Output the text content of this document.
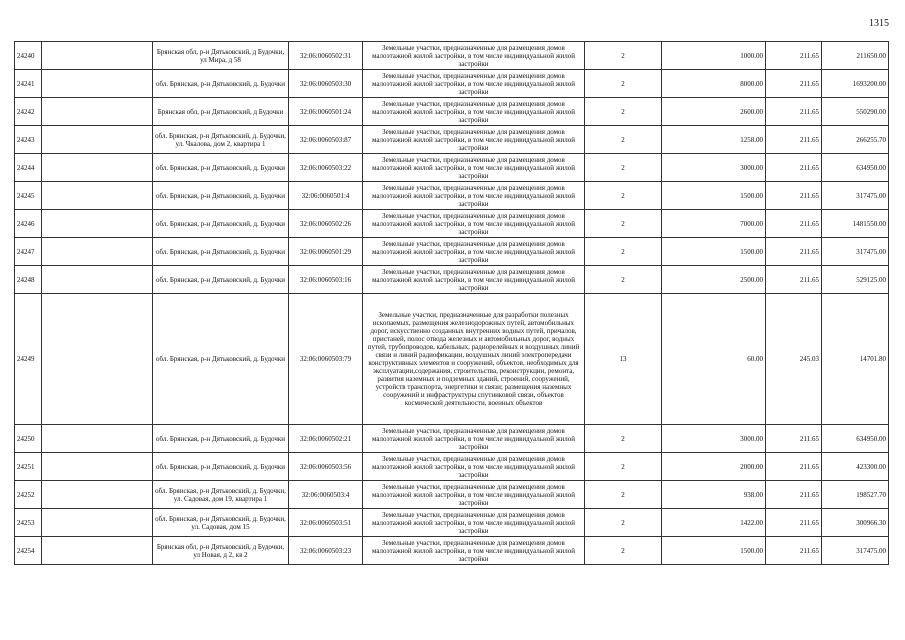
1315
24240		Брянская обл, р-н Дятьковский, д Будочки, ул Мира, д 58	32:06:0060502:31	Земельные участки, предназначенные для размещения домов малоэтажной жилой застройки, в том числе индивидуальной жилой застройки	2	1000.00	211.65	211650.00
24241		обл. Брянская, р-н Дятьковский, д. Будочки	32:06:0060503:30	Земельные участки, предназначенные для размещения домов малоэтажной жилой застройки, в том числе индивидуальной жилой застройки	2	8000.00	211.65	1693200.00
24242		Брянская обл, р-н Дятьковский, д Будочки	32:06:0060501:24	Земельные участки, предназначенные для размещения домов малоэтажной жилой застройки, в том числе индивидуальной жилой застройки	2	2600.00	211.65	550290.00
24243		обл. Брянская, р-н Дятьковский, д. Будочки, ул. Чкалова, дом 2, квартира 1	32:06:0060503:87	Земельные участки, предназначенные для размещения домов малоэтажной жилой застройки, в том числе индивидуальной жилой застройки	2	1258.00	211.65	266255.70
24244		обл. Брянская, р-н Дятьковский, д. Будочки	32:06:0060503:22	Земельные участки, предназначенные для размещения домов малоэтажной жилой застройки, в том числе индивидуальной жилой застройки	2	3000.00	211.65	634950.00
24245		обл. Брянская, р-н Дятьковский, д. Будочки	32:06:0060501:4	Земельные участки, предназначенные для размещения домов малоэтажной жилой застройки, в том числе индивидуальной жилой застройки	2	1500.00	211.65	317475.00
24246		обл. Брянская, р-н Дятьковский, д. Будочки	32:06:0060502:26	Земельные участки, предназначенные для размещения домов малоэтажной жилой застройки, в том числе индивидуальной жилой застройки	2	7000.00	211.65	1481550.00
24247		обл. Брянская, р-н Дятьковский, д. Будочки	32:06:0060501:29	Земельные участки, предназначенные для размещения домов малоэтажной жилой застройки, в том числе индивидуальной жилой застройки	2	1500.00	211.65	317475.00
24248		обл. Брянская, р-н Дятьковский, д. Будочки	32:06:0060503:16	Земельные участки, предназначенные для размещения домов малоэтажной жилой застройки, в том числе индивидуальной жилой застройки	2	2500.00	211.65	529125.00
24249		обл. Брянская, р-н Дятьковский, д. Будочки	32:06:0060503:79	Земельные участки, предназначенные для разработки полезных ископаемых, размещения железнодорожных путей, автомобильных дорог, искусственно созданных внутренних водных путей, причалов, пристаней, полос отвода железных и автомобильных дорог, водных путей, трубопроводов, кабельных, радиорелейных и воздушных линий связи и линий радиофикации, воздушных линий электропередачи конструктивных элементов и сооружений, объектов, необходимых для эксплуатации,содержания, строительства, реконструкции, ремонта, развития наземных и подземных зданий, строений, сооружений, устройств транспорта, энергетики и связи; размещения наземных сооружений и инфраструктуры спутниковой связи, объектов космической деятельности, военных объектов	13	60.00	245.03	14701.80
24250		обл. Брянская, р-н Дятьковский, д. Будочки	32:06:0060502:21	Земельные участки, предназначенные для размещения домов малоэтажной жилой застройки, в том числе индивидуальной жилой застройки	2	3000.00	211.65	634950.00
24251		обл. Брянская, р-н Дятьковский, д. Будочки	32:06:0060503:56	Земельные участки, предназначенные для размещения домов малоэтажной жилой застройки, в том числе индивидуальной жилой застройки	2	2000.00	211.65	423300.00
24252		обл. Брянская, р-н Дятьковский, д. Будочки, ул. Садовая, дом 19, квартира 1	32:06:0060503:4	Земельные участки, предназначенные для размещения домов малоэтажной жилой застройки, в том числе индивидуальной жилой застройки	2	938.00	211.65	198527.70
24253		обл. Брянская, р-н Дятьковский, д. Будочки, ул. Садовая, дом 15	32:06:0060503:51	Земельные участки, предназначенные для размещения домов малоэтажной жилой застройки, в том числе индивидуальной жилой застройки	2	1422.00	211.65	300966.30
24254		Брянская обл, р-н Дятьковский, д Будочки, ул Новая, д 2, кв 2	32:06:0060503:23	Земельные участки, предназначенные для размещения домов малоэтажной жилой застройки, в том числе индивидуальной жилой застройки	2	1500.00	211.65	317475.00
